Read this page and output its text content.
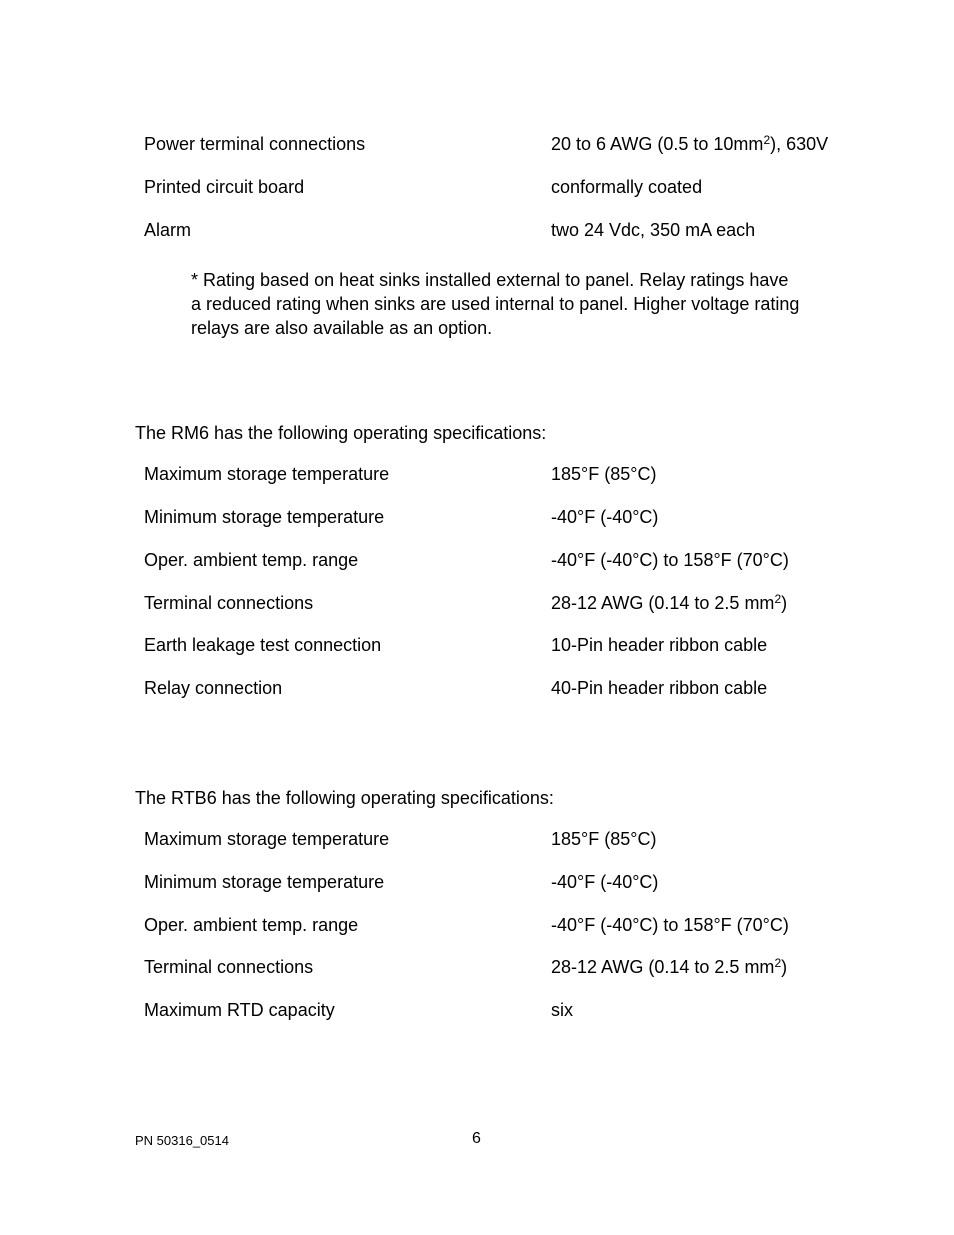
Power terminal connections	20 to 6 AWG (0.5 to $10mm^2$), 630V
Printed circuit board	conformally coated
Alarm	two 24 Vdc, 350 mA each
* Rating based on heat sinks installed external to panel. Relay ratings have
a reduced rating when sinks are used internal to panel. Higher voltage rating
relays are also available as an option.
The RM6 has the following operating specifications:
Maximum storage temperature	185°F (85°C)
Minimum storage temperature	-40°F (-40°C)
Oper. ambient temp. range	-40°F (-40°C) to 158°F (70°C)
Terminal connections	28-12 AWG (0.14 to 2.5 $mm^2$)
Earth leakage test connection	10-Pin header ribbon cable
Relay connection	40-Pin header ribbon cable
The RTB6 has the following operating specifications:
Maximum storage temperature	185°F (85°C)
Minimum storage temperature	-40°F (-40°C)
Oper. ambient temp. range	-40°F (-40°C) to 158°F (70°C)
Terminal connections	28-12 AWG (0.14 to 2.5 $mm^2$)
Maximum RTD capacity	six
PN 50316_0514	6
